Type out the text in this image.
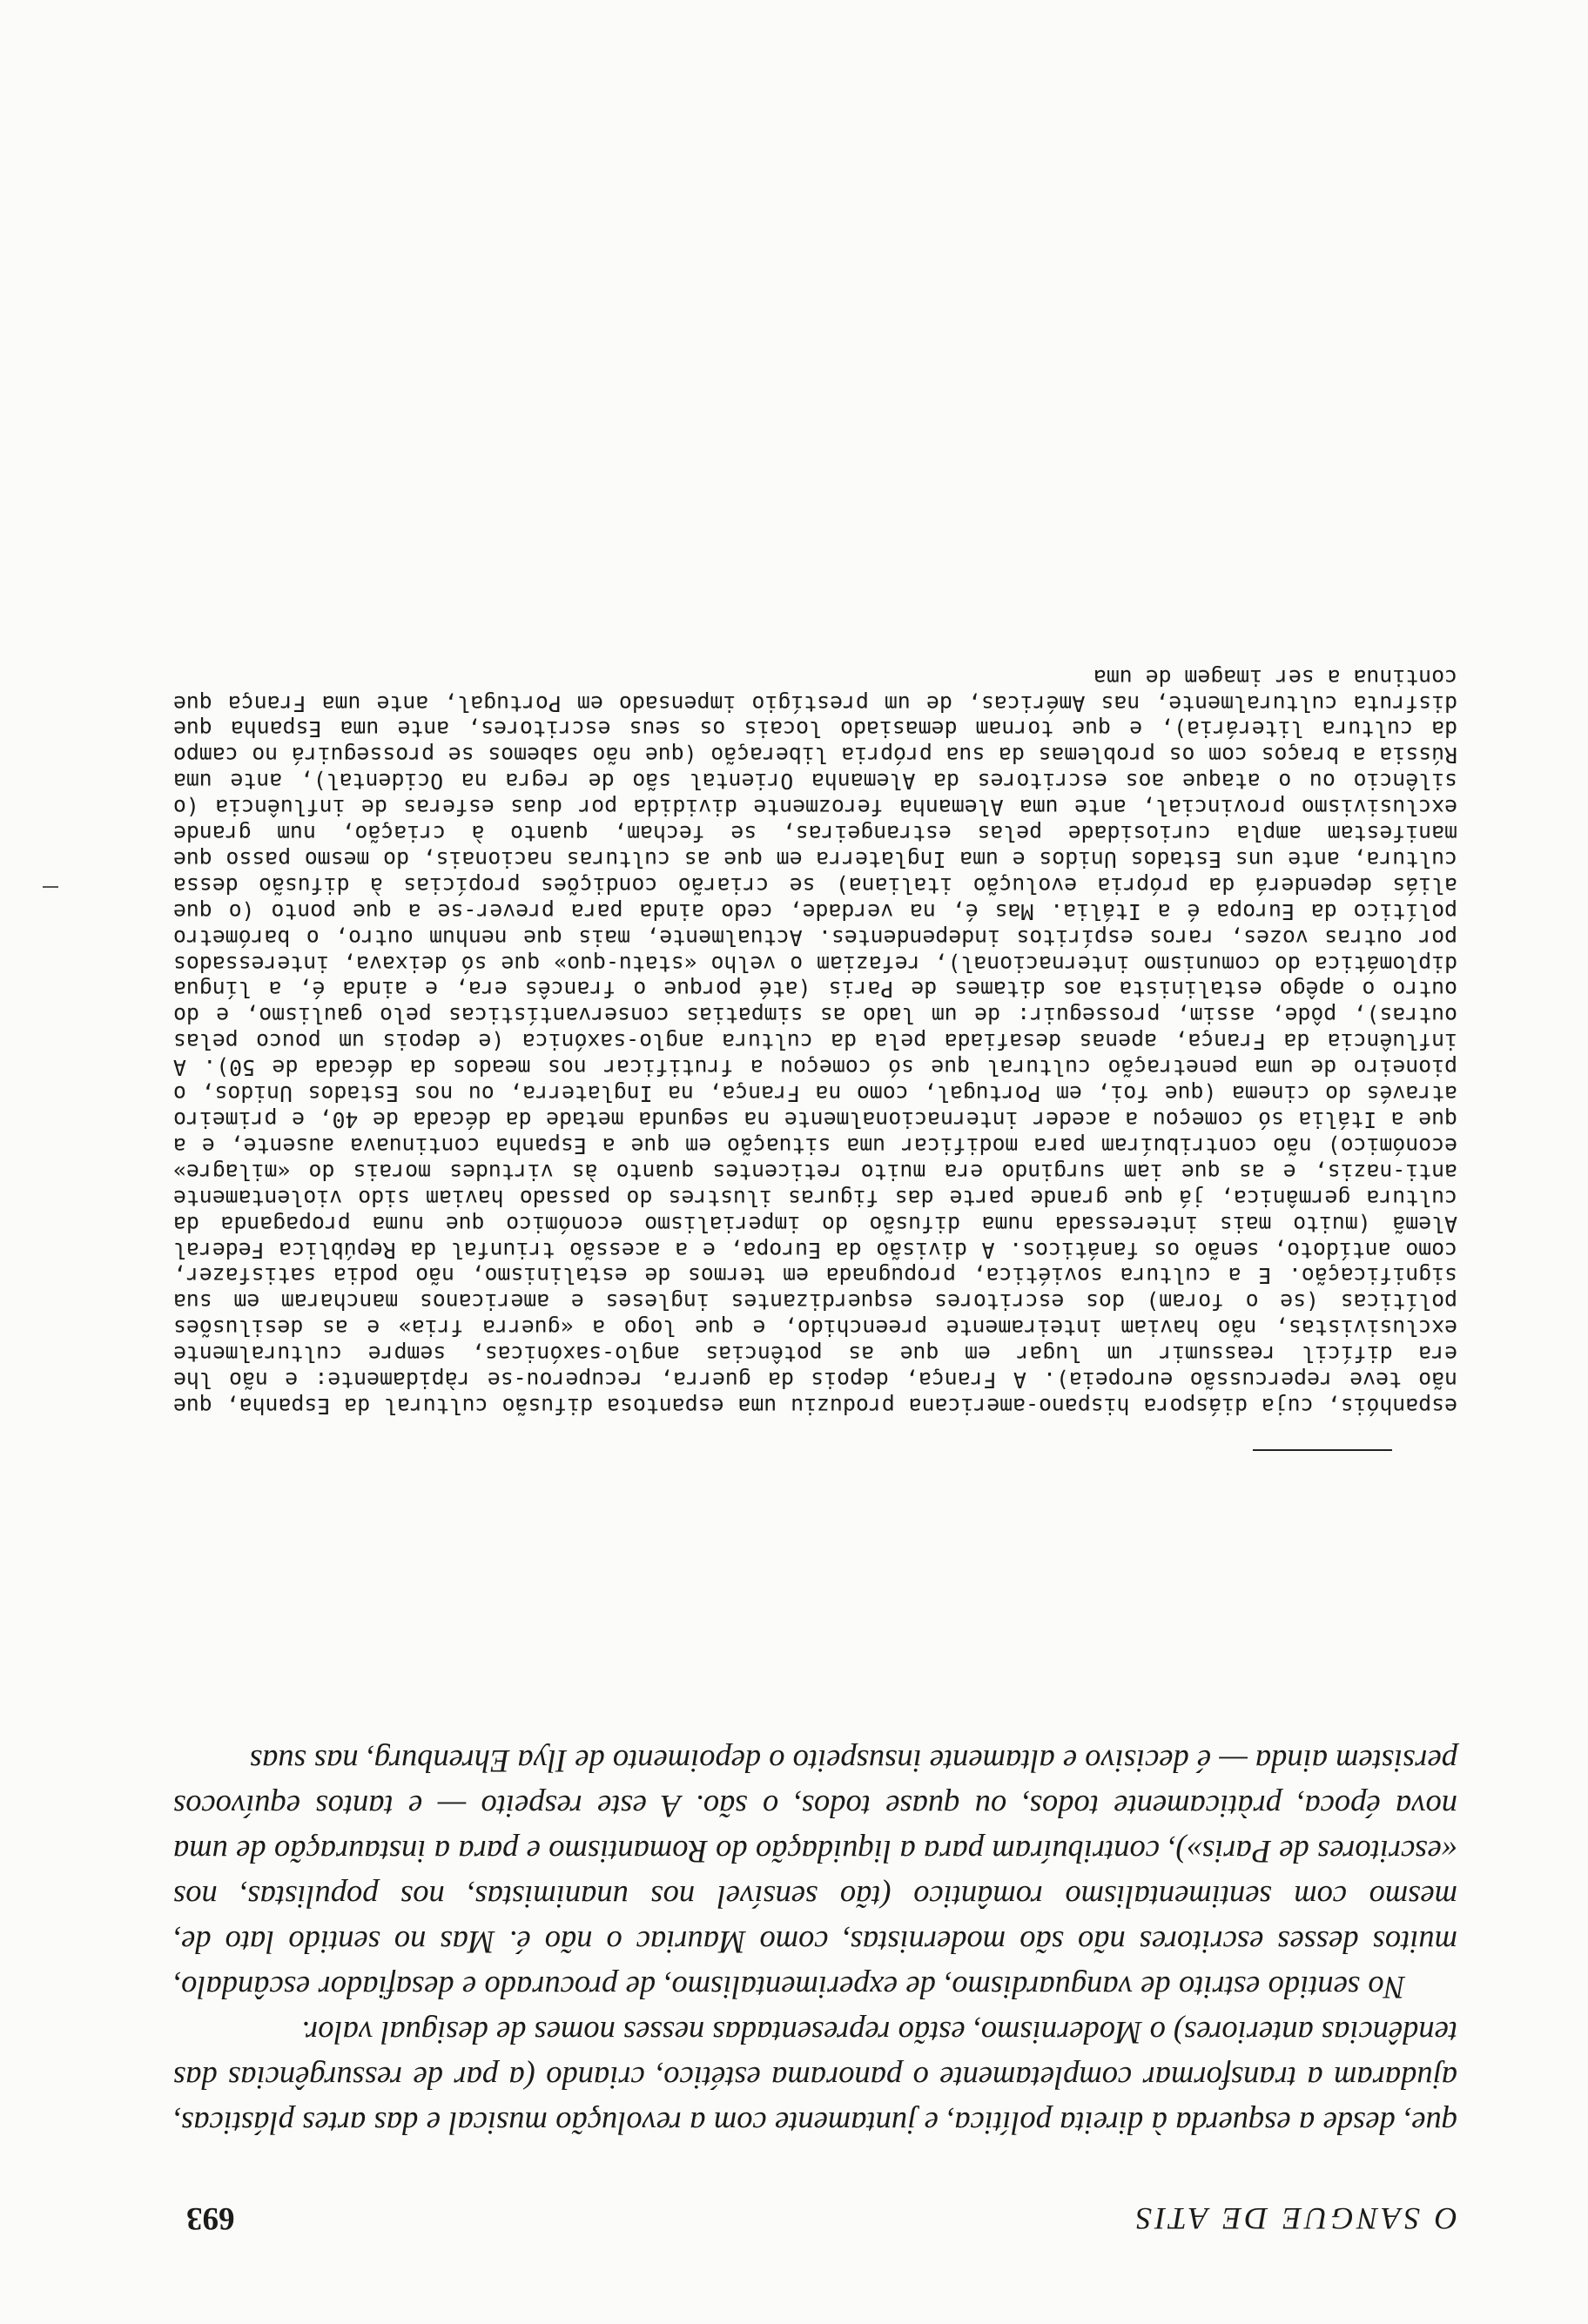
O SANGUE DE ATIS
693

que, desde a esquerda à direita política, e juntamente com a revolução musical e das artes plásticas, ajudaram a transformar completamente o panorama estético, criando (a par de ressurgências das tendências anteriores) o Modernismo, estão representadas nesses nomes de desigual valor.

No sentido estrito de vanguardismo, de experimentalismo, de procurado e desafiador escândalo, muitos desses escritores não são modernistas, como Mauriac o não é. Mas no sentido lato de, mesmo com sentimentalismo romântico (tão sensível nos unanimistas, nos populistas, nos «escritores de Paris»), contribuíram para a liquidação do Romantismo e para a instauração de uma nova época, pràticamente todos, ou quase todos, o são. A este respeito — e tantos equívocos persistem ainda — é decisivo e altamente insuspeito o depoimento de Ilya Ehrenburg, nas suas

espanhóis, cuja diáspora hispano-americana produziu uma espantosa difusão cultural da Espanha, que não teve repercussão europeia). A França, depois da guerra, recuperou-se ràpidamente: e não lhe era difícil reassumir um lugar em que as potências anglo-saxónicas, sempre culturalmente exclusivistas, não haviam inteiramente preenchido, e que logo a «guerra fria» e as desilusões políticas (se o foram) dos escritores esquerdizantes ingleses e americanos mancharam em sua significação. E a cultura soviética, propugnada em termos de estalinismo, não podia satisfazer, como antídoto, senão os fanáticos. A divisão da Europa, e a acessão triunfal da República Federal Alemã (muito mais interessada numa difusão do imperialismo económico que numa propaganda da cultura germânica, já que grande parte das figuras ilustres do passado haviam sido violentamente anti-nazis, e as que iam surgindo era muito reticentes quanto às virtudes morais do «milagre» económico) não contribuíram para modificar uma situação em que a Espanha continuava ausente, e a que a Itália só começou a aceder internacionalmente na segunda metade da década de 40, e primeiro através do cinema (que foi, em Portugal, como na França, na Inglaterra, ou nos Estados Unidos, o pioneiro de uma penetração cultural que só começou a frutificar nos meados da década de 50). A influência da França, apenas desafiada pela da cultura anglo-saxónica (e depois um pouco pelas outras), pôde, assim, prosseguir: de um lado as simpatias conservantísticas pelo gaulismo, e do outro o apêgo estalinista aos ditames de Paris (até porque o francês era, e ainda é, a língua diplomática do comunismo internacional), refaziam o velho «statu-quo» que só deixava, interessados por outras vozes, raros espíritos independentes. Actualmente, mais que nenhum outro, o barómetro político da Europa é a Itália. Mas é, na verdade, cedo ainda para prever-se a que ponto (o que aliás dependerá da própria evolução italiana) se criarão condições propícias à difusão dessa cultura, ante uns Estados Unidos e uma Inglaterra em que as culturas nacionais, do mesmo passo que manifestam ampla curiosidade pelas estrangeiras, se fecham, quanto à criação, num grande exclusivismo provincial, ante uma Alemanha ferozmente dividida por duas esferas de influência (o silêncio ou o ataque aos escritores da Alemanha Oriental são de regra na Ocidental), ante uma Rússia a braços com os problemas da sua própria liberação (que não sabemos se prosseguirá no campo da cultura literária), e que tornam demasiado locais os seus escritores, ante uma Espanha que disfruta culturalmente, nas Américas, de um prestígio impensado em Portugal, ante uma França que continua a ser imagem de uma
